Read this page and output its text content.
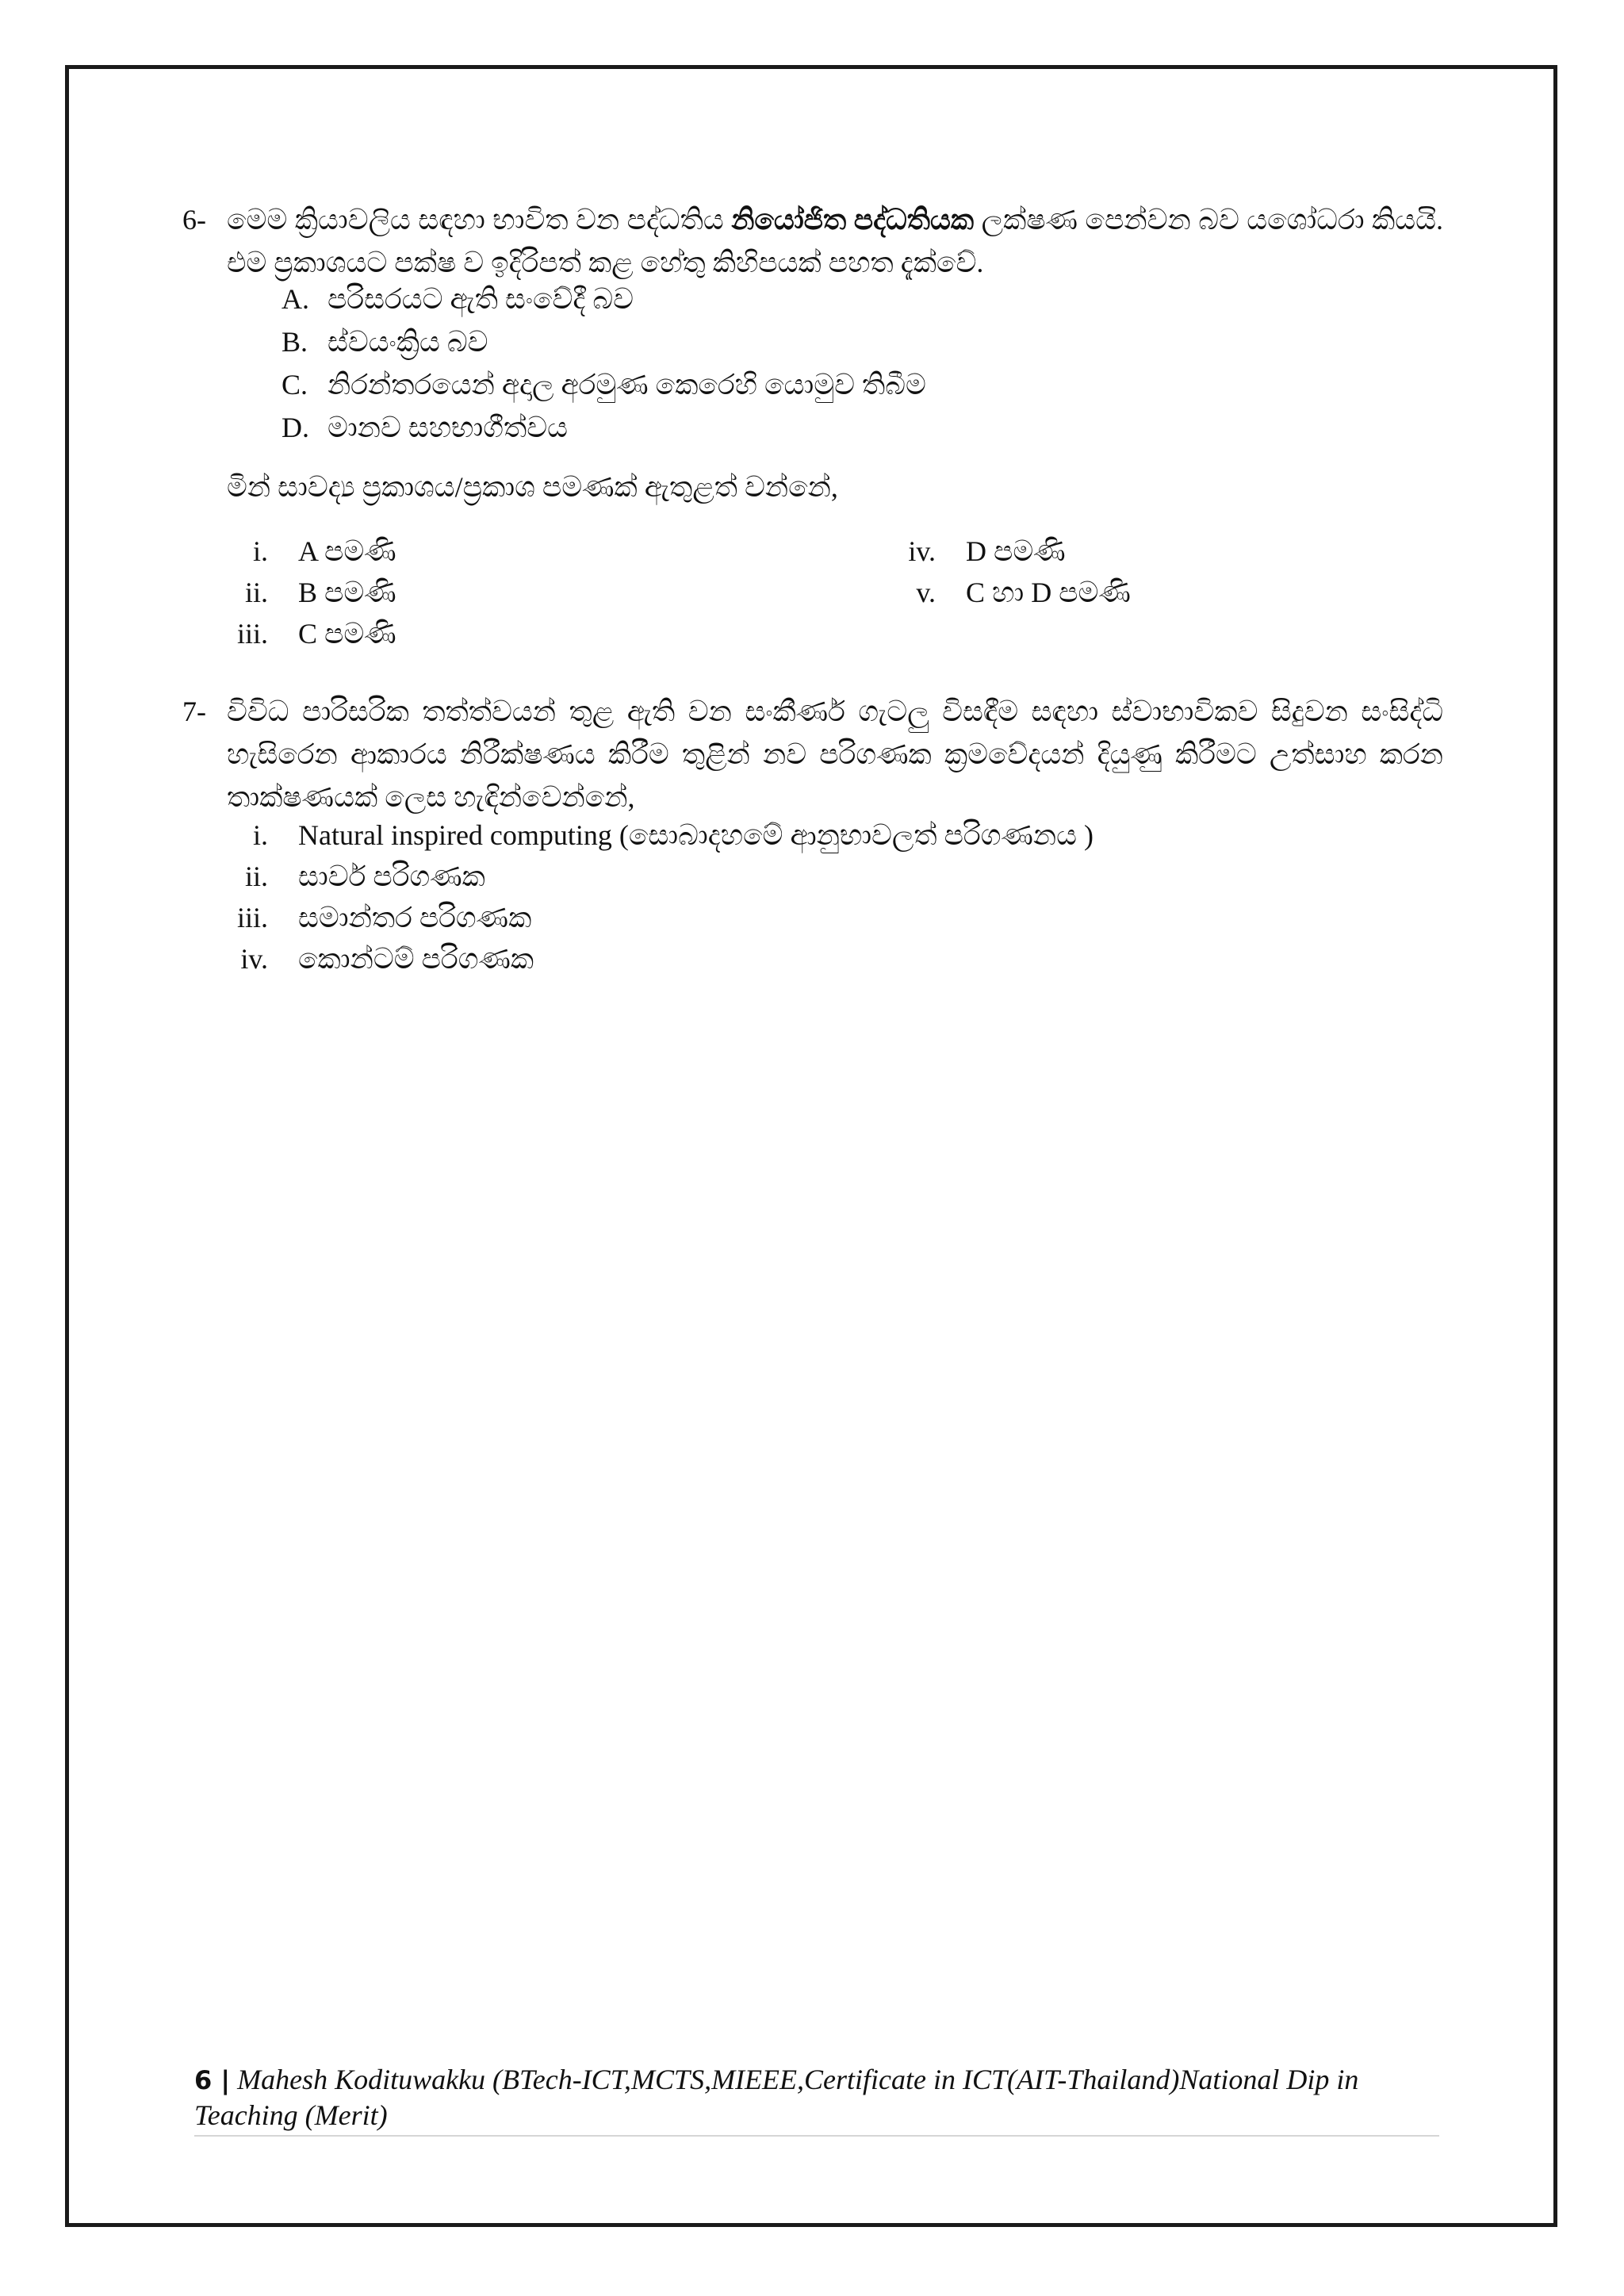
6- මෙම ක්‍රියාවලිය සඳහා භාවිත වන පද්ධතිය නියෝජිත පද්ධතියක ලක්ෂණ පෙන්වන බව යශෝධරා කියයි. එම ප්‍රකාශයට පක්ෂ ව ඉදිරිපත් කළ හේතු කිහිපයක් පහත දැක්වේ.
A. පරිසරයට ඇති සංවේදී බව
B. ස්වයංක්‍රිය බව
C. නිරන්තරයෙන් අදාල අරමුණ කෙරෙහි යොමුව තිබීම
D. මානව සහභාගීත්වය
මින් සාවද්‍ය ප්‍රකාශය/ප්‍රකාශ පමණක් ඇතුළත් වන්නේ,
i. A පමණි
ii. B පමණි
iii. C පමණි
iv. D පමණි
v. C හා D පමණි
7- විවිධ පාරිසරික තත්ත්වයන් තුළ ඇති වන සංකීර්ණ ගැටලු විසඳීම සඳහා ස්වාභාවිකව සිදුවන සංසිද්ධි හැසිරෙන ආකාරය නිරීක්ෂණය කිරීම තුළින් නව පරිගණක ක්‍රමවේදයන් දියුණු කිරීමට උත්සාහ කරන තාක්ෂණයක් ලෙස හැඳින්වෙන්නේ,
i. Natural inspired computing (සොබාදහමේ ආනුභාවලත් පරිගණනය )
ii. සාර්ව පරිගණක
iii. සමාන්තර පරිගණක
iv. කොන්ටම් පරිගණක
6 | Mahesh Kodituwakku (BTech-ICT,MCTS,MIEEE,Certificate in ICT(AIT-Thailand)National Dip in Teaching (Merit)
